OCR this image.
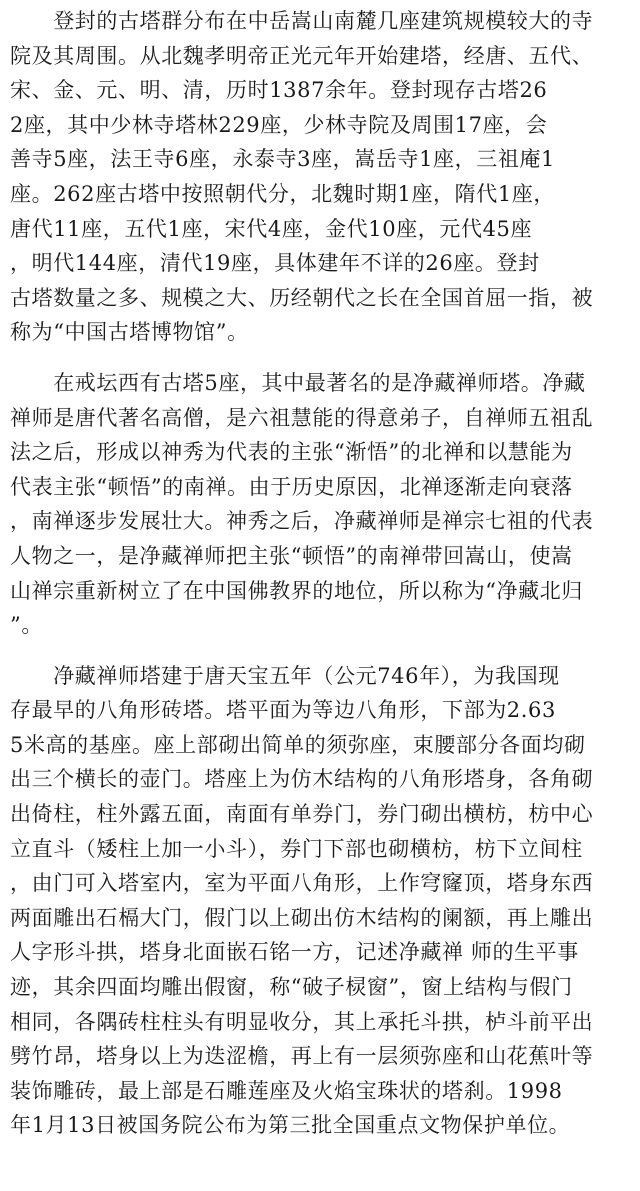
　　登封的古塔群分布在中岳嵩山南麓几座建筑规模较大的寺
院及其周围。从北魏孝明帝正光元年开始建塔，经唐、五代、
宋、金、元、明、清，历时1387余年。登封现存古塔26
2座，其中少林寺塔林229座，少林寺院及周围17座，会
善寺5座，法王寺6座，永泰寺3座，嵩岳寺1座，三祖庵1
座。262座古塔中按照朝代分，北魏时期1座，隋代1座，
唐代11座，五代1座，宋代4座，金代10座，元代45座
，明代144座，清代19座，具体建年不详的26座。登封
古塔数量之多、规模之大、历经朝代之长在全国首屈一指，被
称为“中国古塔博物馆”。
　　在戒坛西有古塔5座，其中最著名的是净藏禅师塔。净藏
禅师是唐代著名高僧，是六祖慧能的得意弟子，自禅师五祖乱
法之后，形成以神秀为代表的主张“渐悟”的北禅和以慧能为
代表主张“顿悟”的南禅。由于历史原因，北禅逐渐走向衰落
，南禅逐步发展壮大。神秀之后，净藏禅师是禅宗七祖的代表
人物之一，是净藏禅师把主张“顿悟”的南禅带回嵩山，使嵩
山禅宗重新树立了在中国佛教界的地位，所以称为“净藏北归
”。
　　净藏禅师塔建于唐天宝五年（公元746年），为我国现
存最早的八角形砖塔。塔平面为等边八角形，下部为2.63
5米高的基座。座上部砌出简单的须弥座，束腰部分各面均砌
出三个横长的壶门。塔座上为仿木结构的八角形塔身，各角砌
出倚柱，柱外露五面，南面有单券门，券门砌出横枋，枋中心
立直斗（矮柱上加一小斗），券门下部也砌横枋，枋下立间柱
，由门可入塔室内，室为平面八角形，上作穹窿顶，塔身东西
两面雕出石槅大门，假门以上砌出仿木结构的阑额，再上雕出
人字形斗拱，塔身北面嵌石铭一方，记述净藏禅 师的生平事
迹，其余四面均雕出假窗，称“破子棂窗”，窗上结构与假门
相同，各隅砖柱柱头有明显收分，其上承托斗拱，栌斗前平出
劈竹昂，塔身以上为迭涩檐，再上有一层须弥座和山花蕉叶等
装饰雕砖，最上部是石雕莲座及火焰宝珠状的塔刹。1998
年1月13日被国务院公布为第三批全国重点文物保护单位。
